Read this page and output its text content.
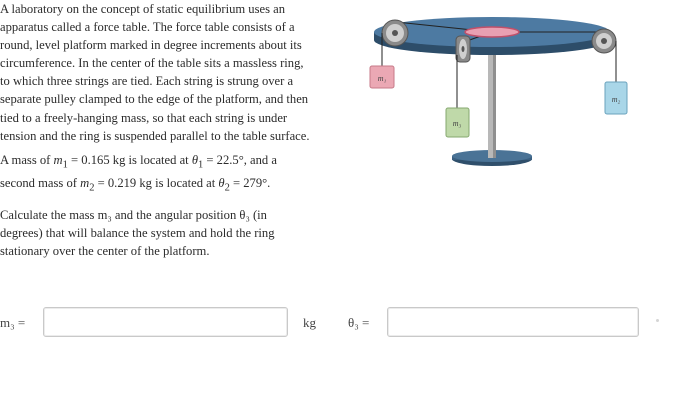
A laboratory on the concept of static equilibrium uses an
apparatus called a force table. The force table consists of a
round, level platform marked in degree increments about its
circumference. In the center of the table sits a massless ring,
to which three strings are tied. Each string is strung over a
separate pulley clamped to the edge of the platform, and then
tied to a freely-hanging mass, so that each string is under
tension and the ring is suspended parallel to the table surface.

A mass of $m_1 = 0.165$ kg is located at $\theta_1 = 22.5^\circ$, and a
second mass of $m_2 = 0.219$ kg is located at $\theta_2 = 279^\circ$.

Calculate the mass m₃ and the angular position θ₃ (in
degrees) that will balance the system and hold the ring
stationary over the center of the platform.

m₁
m₃
m₂
m₃ =	kg θ₃ =
